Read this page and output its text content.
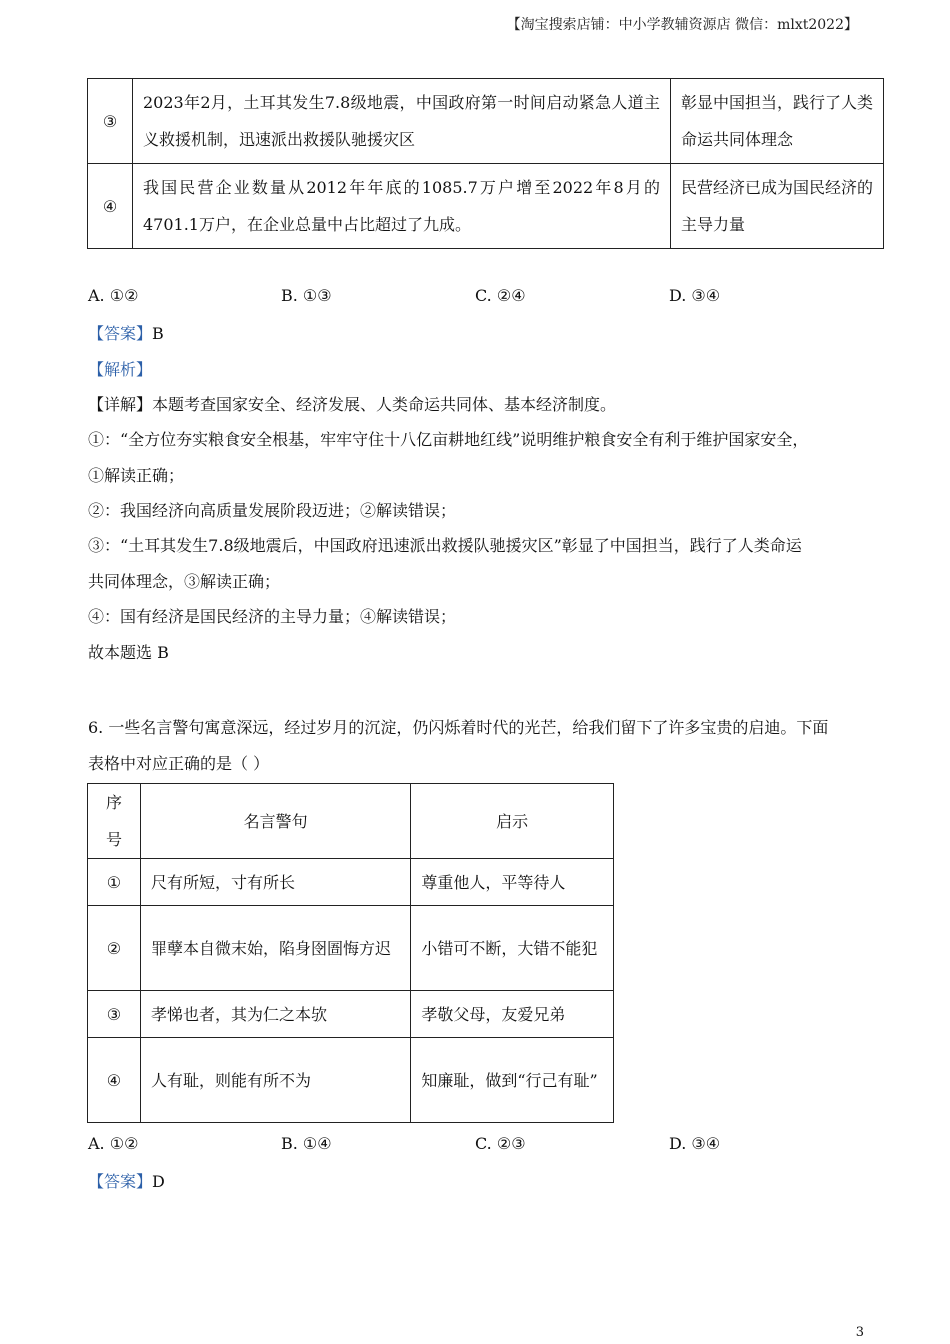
【淘宝搜索店铺：中小学教辅资源店 微信：mlxt2022】
③	2023年2月，土耳其发生7.8级地震，中国政府第一时间启动紧急人道主义救援机制，迅速派出救援队驰援灾区	彰显中国担当，践行了人类命运共同体理念
④	我国民营企业数量从2012年年底的1085.7万户增至2022年8月的4701.1万户，在企业总量中占比超过了九成。	民营经济已成为国民经济的主导力量
A. ①②	B. ①③	C. ②④	D. ③④
【答案】B
【解析】
【详解】本题考查国家安全、经济发展、人类命运共同体、基本经济制度。
①：“全方位夯实粮食安全根基，牢牢守住十八亿亩耕地红线”说明维护粮食安全有利于维护国家安全，
①解读正确；
②：我国经济向高质量发展阶段迈进；②解读错误；
③：“土耳其发生7.8级地震后，中国政府迅速派出救援队驰援灾区”彰显了中国担当，践行了人类命运
共同体理念，③解读正确；
④：国有经济是国民经济的主导力量；④解读错误；
故本题选 B
6. 一些名言警句寓意深远，经过岁月的沉淀，仍闪烁着时代的光芒，给我们留下了许多宝贵的启迪。下面
表格中对应正确的是（ ）
序号	名言警句	启示
①	尺有所短，寸有所长	尊重他人，平等待人
②	罪孽本自微末始，陷身囹圄悔方迟	小错可不断，大错不能犯
③	孝悌也者，其为仁之本欤	孝敬父母，友爱兄弟
④	人有耻，则能有所不为	知廉耻，做到“行己有耻”
A. ①②	B. ①④	C. ②③	D. ③④
【答案】D
3
